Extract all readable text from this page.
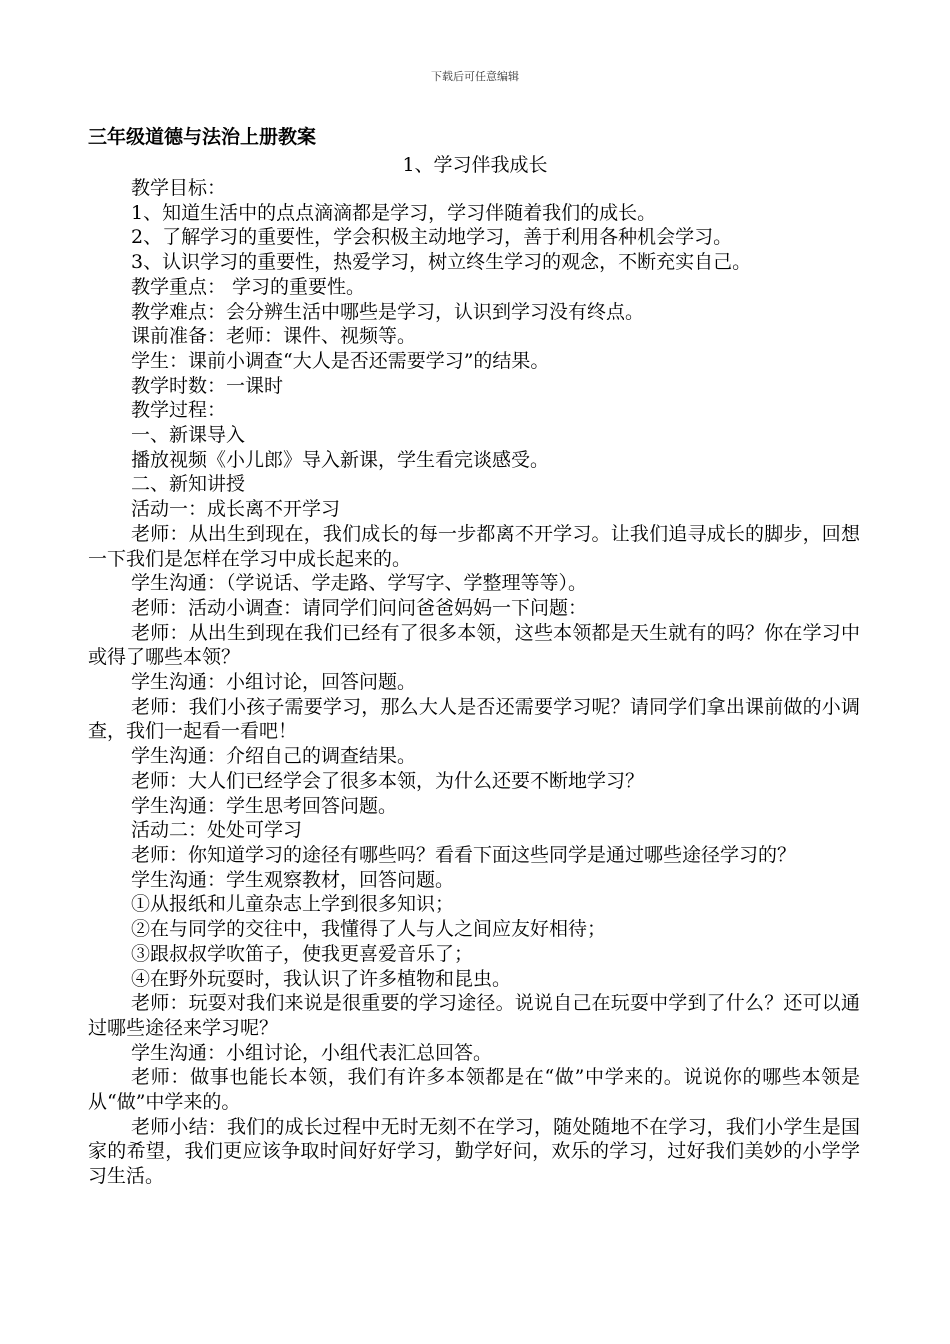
下载后可任意编辑
三年级道德与法治上册教案
1、学习伴我成长

教学目标：

1、知道生活中的点点滴滴都是学习，学习伴随着我们的成长。

2、了解学习的重要性，学会积极主动地学习，善于利用各种机会学习。

3、认识学习的重要性，热爱学习，树立终生学习的观念，不断充实自己。

教学重点： 学习的重要性。

教学难点：会分辨生活中哪些是学习，认识到学习没有终点。

课前准备：老师：课件、视频等。

学生：课前小调查“大人是否还需要学习”的结果。

教学时数：一课时

教学过程：

一、新课导入

播放视频《小儿郎》导入新课，学生看完谈感受。

二、新知讲授

活动一：成长离不开学习

老师：从出生到现在，我们成长的每一步都离不开学习。让我们追寻成长的脚步，回想一下我们是怎样在学习中成长起来的。

学生沟通：（学说话、学走路、学写字、学整理等等）。

老师：活动小调查：请同学们问问爸爸妈妈一下问题：

老师：从出生到现在我们已经有了很多本领，这些本领都是天生就有的吗？你在学习中或得了哪些本领？

学生沟通：小组讨论，回答问题。

老师：我们小孩子需要学习，那么大人是否还需要学习呢？请同学们拿出课前做的小调查，我们一起看一看吧！

学生沟通：介绍自己的调查结果。

老师：大人们已经学会了很多本领，为什么还要不断地学习？

学生沟通：学生思考回答问题。

活动二：处处可学习

老师：你知道学习的途径有哪些吗？看看下面这些同学是通过哪些途径学习的？

学生沟通：学生观察教材，回答问题。

①从报纸和儿童杂志上学到很多知识；

②在与同学的交往中，我懂得了人与人之间应友好相待；

③跟叔叔学吹笛子，使我更喜爱音乐了；

④在野外玩耍时，我认识了许多植物和昆虫。

老师：玩耍对我们来说是很重要的学习途径。说说自己在玩耍中学到了什么？还可以通过哪些途径来学习呢？

学生沟通：小组讨论，小组代表汇总回答。

老师：做事也能长本领，我们有许多本领都是在“做”中学来的。说说你的哪些本领是从“做”中学来的。

老师小结：我们的成长过程中无时无刻不在学习，随处随地不在学习，我们小学生是国家的希望，我们更应该争取时间好好学习，勤学好问，欢乐的学习，过好我们美妙的小学学习生活。
